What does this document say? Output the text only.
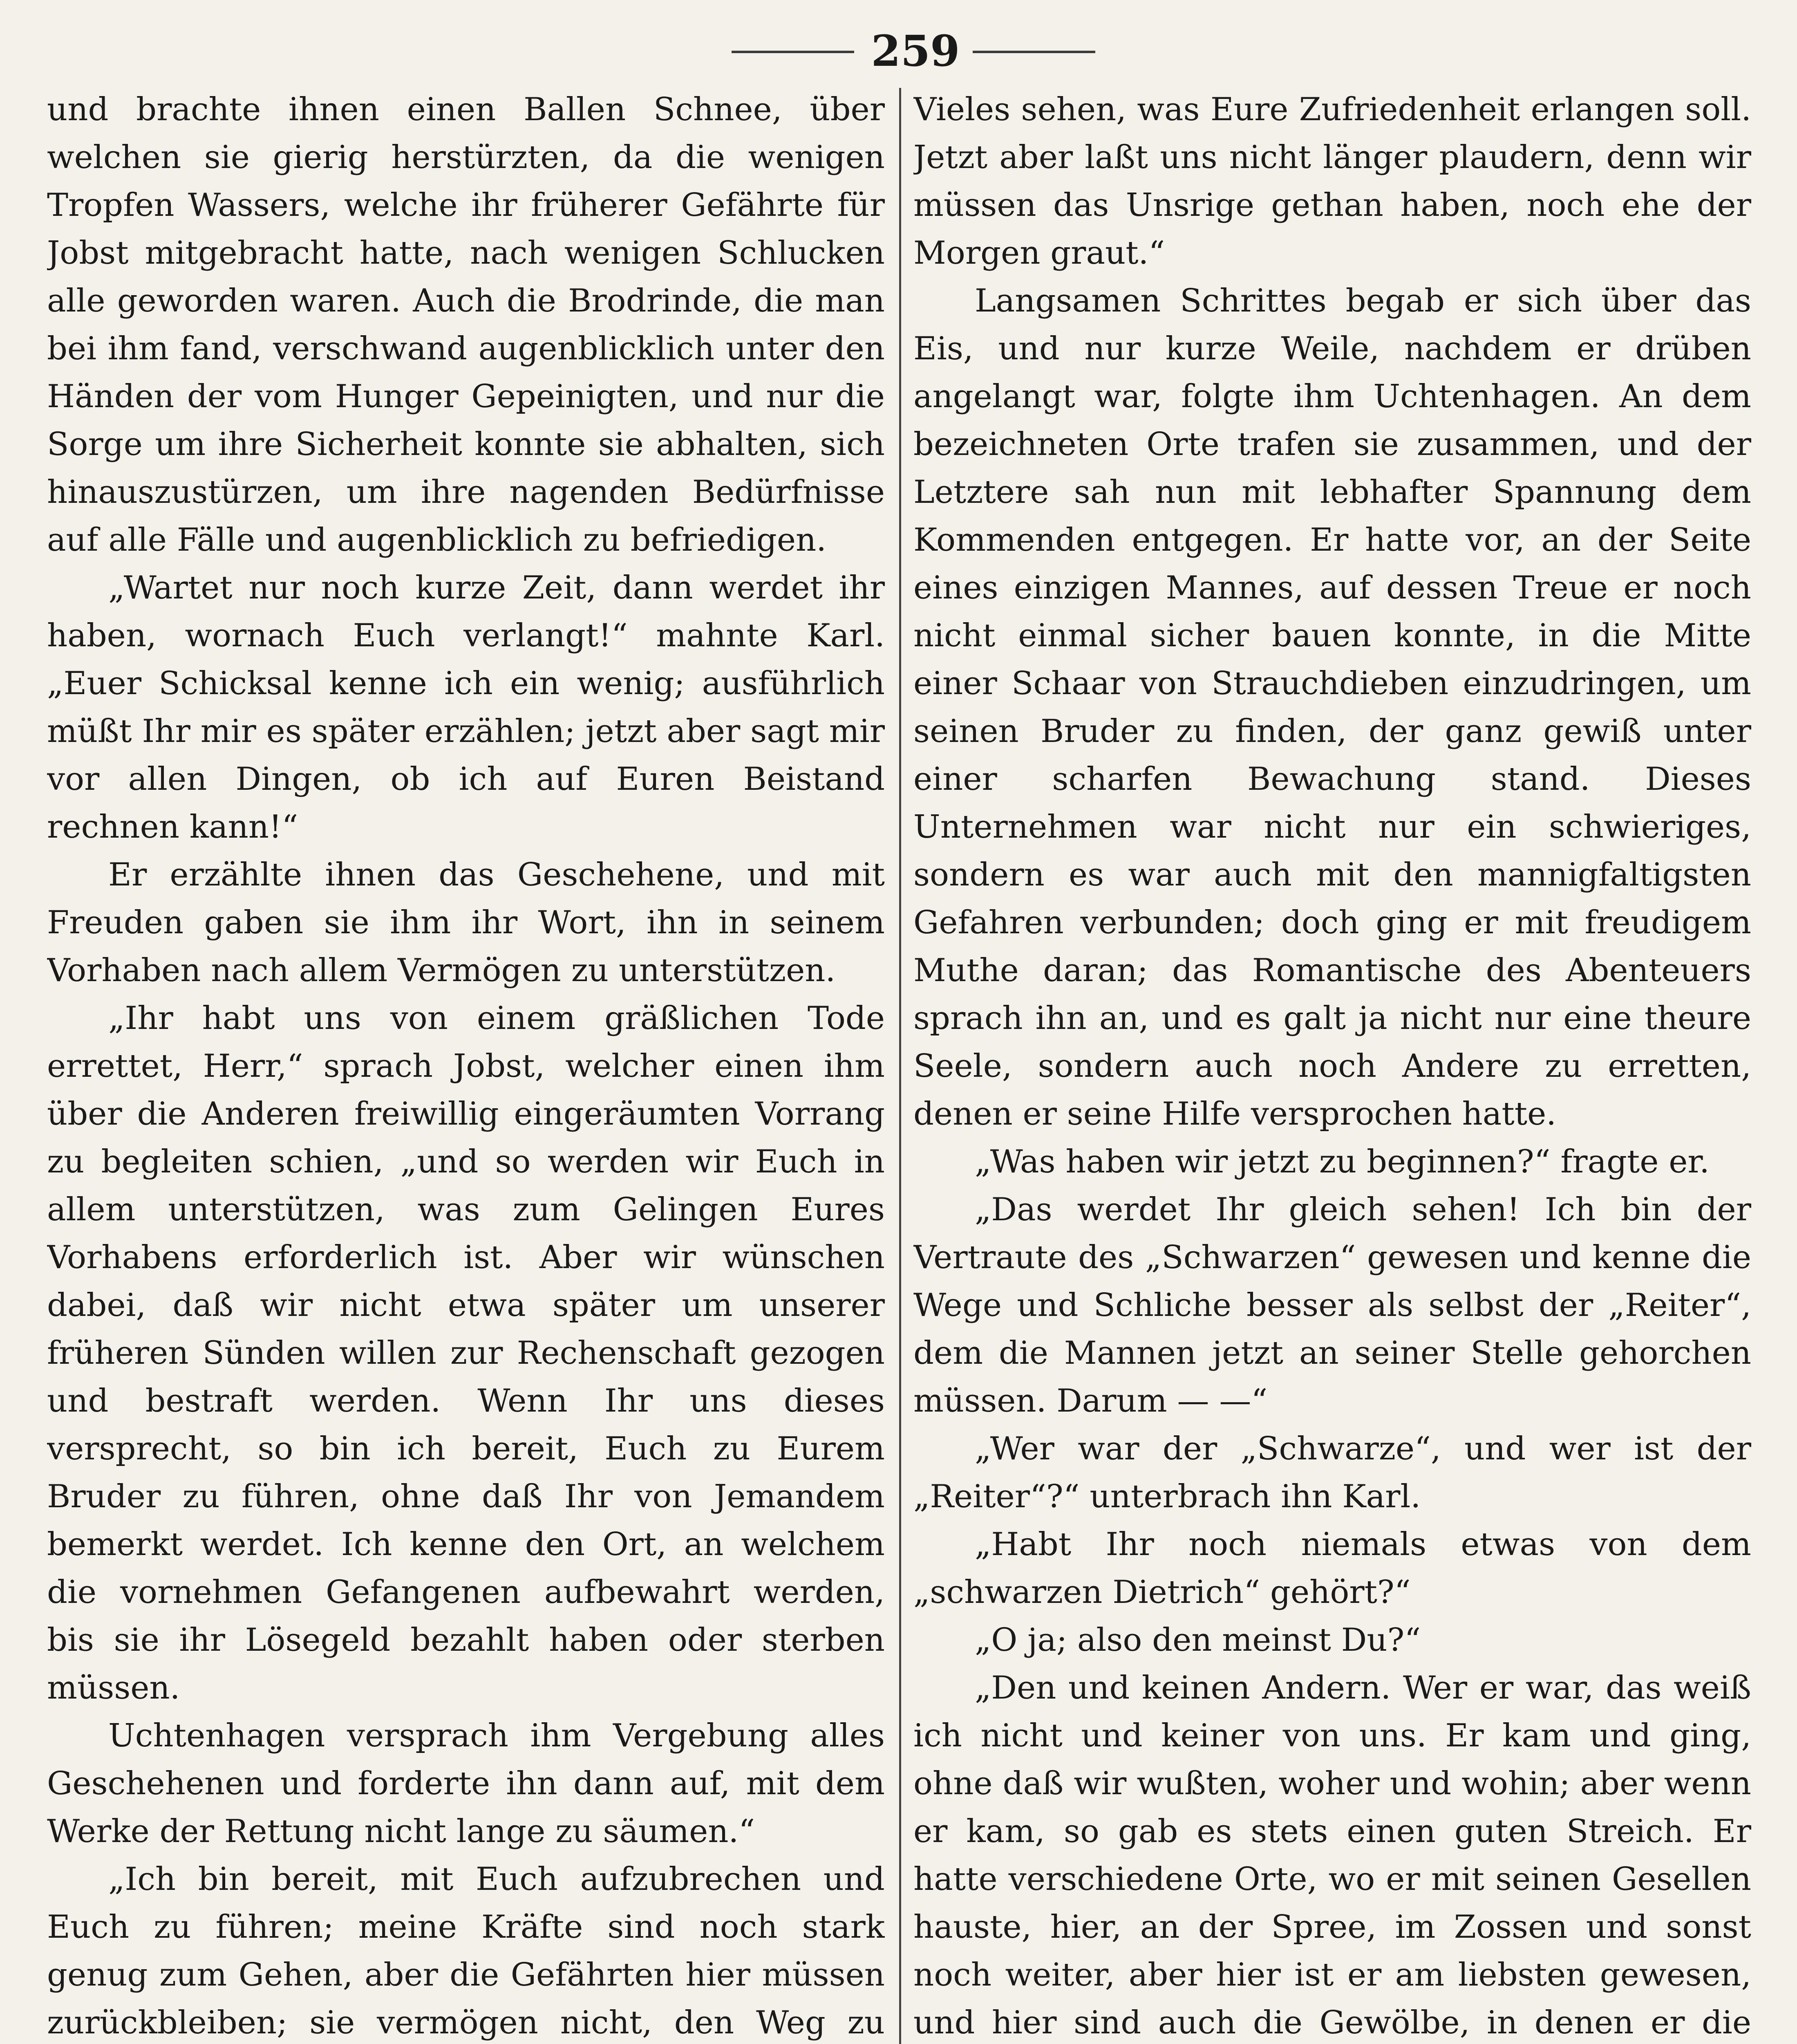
259

und brachte ihnen einen Ballen Schnee, über welchen sie gierig herstürzten, da die wenigen Tropfen Wassers, welche ihr früherer Gefährte für Jobst mitgebracht hatte, nach wenigen Schlucken alle geworden waren. Auch die Brodrinde, die man bei ihm fand, verschwand augenblicklich unter den Händen der vom Hunger Gepeinigten, und nur die Sorge um ihre Sicherheit konnte sie abhalten, sich hinauszustürzen, um ihre nagenden Bedürfnisse auf alle Fälle und augenblicklich zu befriedigen.

„Wartet nur noch kurze Zeit, dann werdet ihr haben, wornach Euch verlangt!“ mahnte Karl. „Euer Schicksal kenne ich ein wenig; ausführlich müßt Ihr mir es später erzählen; jetzt aber sagt mir vor allen Dingen, ob ich auf Euren Beistand rechnen kann!“

Er erzählte ihnen das Geschehene, und mit Freuden gaben sie ihm ihr Wort, ihn in seinem Vorhaben nach allem Vermögen zu unterstützen.

„Ihr habt uns von einem gräßlichen Tode errettet, Herr,“ sprach Jobst, welcher einen ihm über die Anderen freiwillig eingeräumten Vorrang zu begleiten schien, „und so werden wir Euch in allem unterstützen, was zum Gelingen Eures Vorhabens erforderlich ist. Aber wir wünschen dabei, daß wir nicht etwa später um unserer früheren Sünden willen zur Rechenschaft gezogen und bestraft werden. Wenn Ihr uns dieses versprecht, so bin ich bereit, Euch zu Eurem Bruder zu führen, ohne daß Ihr von Jemandem bemerkt werdet. Ich kenne den Ort, an welchem die vornehmen Gefangenen aufbewahrt werden, bis sie ihr Lösegeld bezahlt haben oder sterben müssen.

Uchtenhagen versprach ihm Vergebung alles Geschehenen und forderte ihn dann auf, mit dem Werke der Rettung nicht lange zu säumen.“

„Ich bin bereit, mit Euch aufzubrechen und Euch zu führen; meine Kräfte sind noch stark genug zum Gehen, aber die Gefährten hier müssen zurückbleiben; sie vermögen nicht, den Weg zu

Vieles sehen, was Eure Zufriedenheit erlangen soll. Jetzt aber laßt uns nicht länger plaudern, denn wir müssen das Unsrige gethan haben, noch ehe der Morgen graut.“

Langsamen Schrittes begab er sich über das Eis, und nur kurze Weile, nachdem er drüben angelangt war, folgte ihm Uchtenhagen. An dem bezeichneten Orte trafen sie zusammen, und der Letztere sah nun mit lebhafter Spannung dem Kommenden entgegen. Er hatte vor, an der Seite eines einzigen Mannes, auf dessen Treue er noch nicht einmal sicher bauen konnte, in die Mitte einer Schaar von Strauchdieben einzudringen, um seinen Bruder zu finden, der ganz gewiß unter einer scharfen Bewachung stand. Dieses Unternehmen war nicht nur ein schwieriges, sondern es war auch mit den mannigfaltigsten Gefahren verbunden; doch ging er mit freudigem Muthe daran; das Romantische des Abenteuers sprach ihn an, und es galt ja nicht nur eine theure Seele, sondern auch noch Andere zu erretten, denen er seine Hilfe versprochen hatte.

„Was haben wir jetzt zu beginnen?“ fragte er.

„Das werdet Ihr gleich sehen! Ich bin der Vertraute des „Schwarzen“ gewesen und kenne die Wege und Schliche besser als selbst der „Reiter“, dem die Mannen jetzt an seiner Stelle gehorchen müssen. Darum — —“

„Wer war der „Schwarze“, und wer ist der „Reiter“?“ unterbrach ihn Karl.

„Habt Ihr noch niemals etwas von dem „schwarzen Dietrich“ gehört?“

„O ja; also den meinst Du?“

„Den und keinen Andern. Wer er war, das weiß ich nicht und keiner von uns. Er kam und ging, ohne daß wir wußten, woher und wohin; aber wenn er kam, so gab es stets einen guten Streich. Er hatte verschiedene Orte, wo er mit seinen Gesellen hauste, hier, an der Spree, im Zossen und sonst noch weiter, aber hier ist er am liebsten gewesen, und hier sind auch die Gewölbe, in denen er die
